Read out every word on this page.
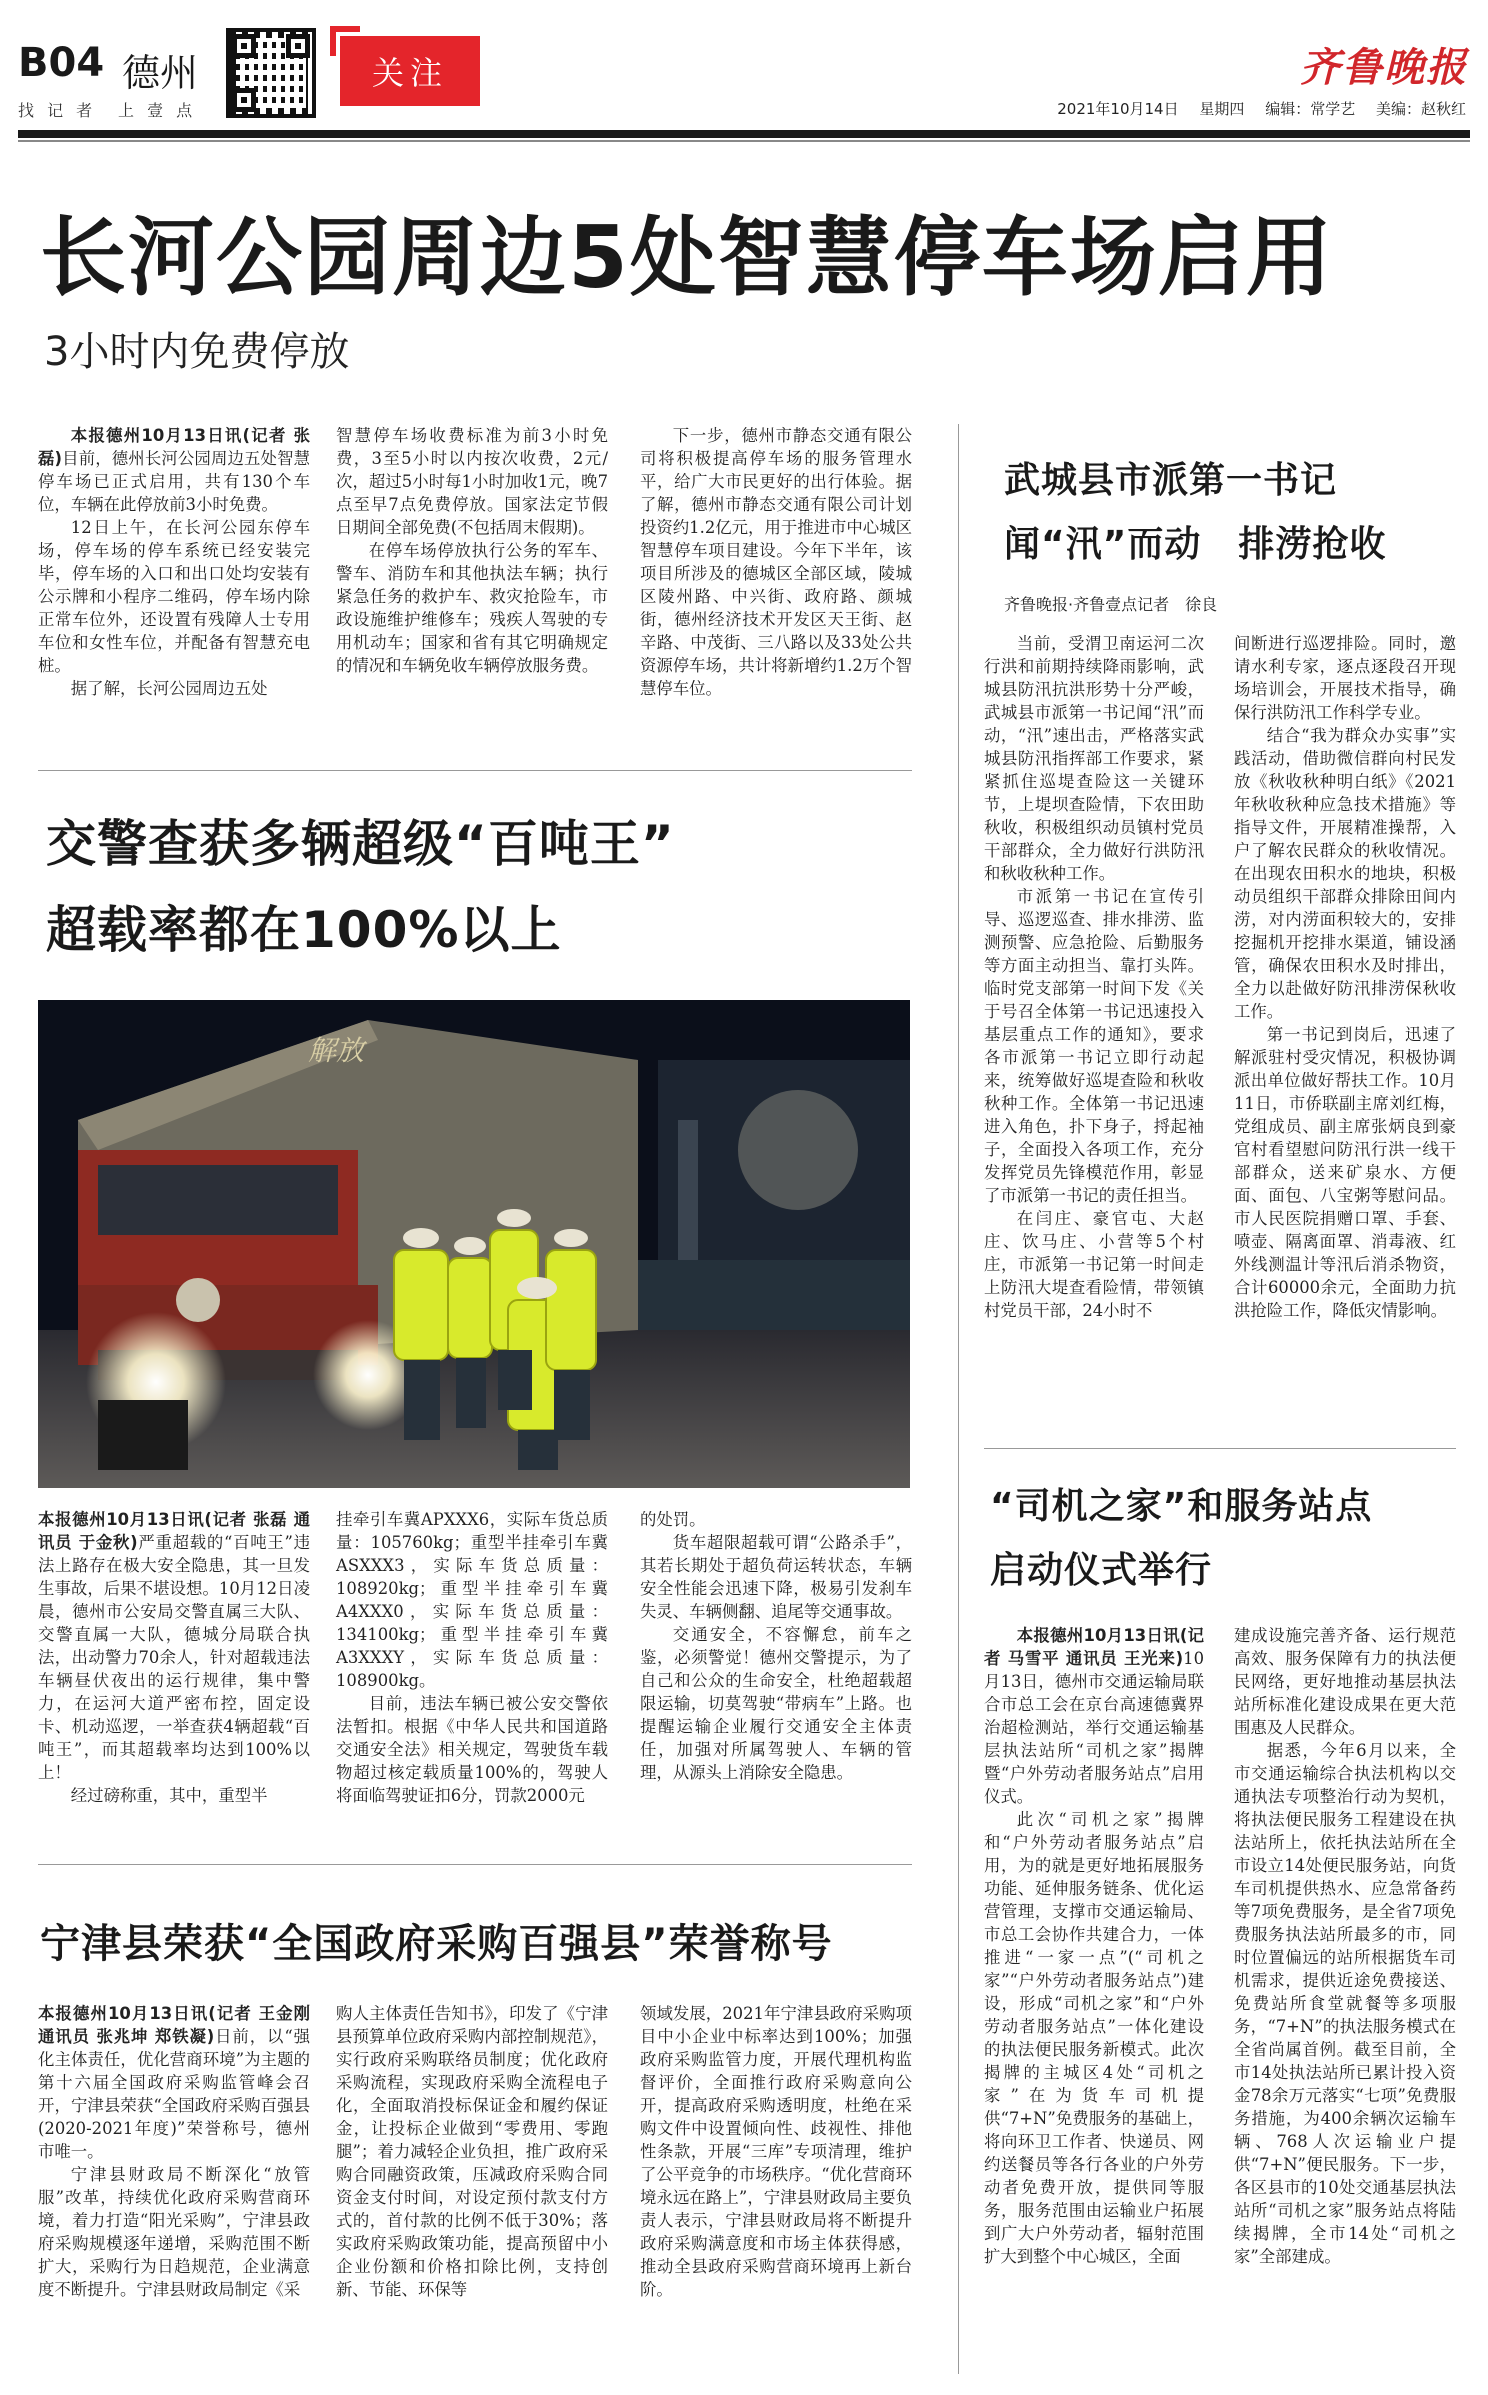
B04 德州
找 记 者 上 壹 点
关注	齐鲁晚报
2021年10月14日 星期四 编辑：常学艺 美编：赵秋红
长河公园周边5处智慧停车场启用
3小时内免费停放

本报德州10月13日讯(记者 张磊)目前，德州长河公园周边五处智慧停车场已正式启用，共有130个车位，车辆在此停放前3小时免费。

12日上午，在长河公园东停车场，停车场的停车系统已经安装完毕，停车场的入口和出口处均安装有公示牌和小程序二维码，停车场内除正常车位外，还设置有残障人士专用车位和女性车位，并配备有智慧充电桩。

据了解，长河公园周边五处

智慧停车场收费标准为前3小时免费，3至5小时以内按次收费，2元/次，超过5小时每1小时加收1元，晚7点至早7点免费停放。国家法定节假日期间全部免费(不包括周末假期)。

在停车场停放执行公务的军车、警车、消防车和其他执法车辆；执行紧急任务的救护车、救灾抢险车，市政设施维护维修车；残疾人驾驶的专用机动车；国家和省有其它明确规定的情况和车辆免收车辆停放服务费。

下一步，德州市静态交通有限公司将积极提高停车场的服务管理水平，给广大市民更好的出行体验。据了解，德州市静态交通有限公司计划投资约1.2亿元，用于推进市中心城区智慧停车项目建设。今年下半年，该项目所涉及的德城区全部区域，陵城区陵州路、中兴街、政府路、颜城街，德州经济技术开发区天王街、赵辛路、中茂街、三八路以及33处公共资源停车场，共计将新增约1.2万个智慧停车位。

交警查获多辆超级“百吨王”
超载率都在100%以上
解放

本报德州10月13日讯(记者 张磊 通讯员 于金秋)严重超载的“百吨王”违法上路存在极大安全隐患，其一旦发生事故，后果不堪设想。10月12日凌晨，德州市公安局交警直属三大队、交警直属一大队，德城分局联合执法，出动警力70余人，针对超载违法车辆昼伏夜出的运行规律，集中警力，在运河大道严密布控，固定设卡、机动巡逻，一举查获4辆超载“百吨王”，而其超载率均达到100%以上！

经过磅称重，其中，重型半

挂牵引车冀APXXX6，实际车货总质量：105760kg；重型半挂牵引车冀ASXXX3，实际车货总质量：108920kg；重型半挂牵引车冀A4XXX0，实际车货总质量：134100kg；重型半挂牵引车冀A3XXXY，实际车货总质量：108900kg。

目前，违法车辆已被公安交警依法暂扣。根据《中华人民共和国道路交通安全法》相关规定，驾驶货车载物超过核定载质量100%的，驾驶人将面临驾驶证扣6分，罚款2000元

的处罚。

货车超限超载可谓“公路杀手”，其若长期处于超负荷运转状态，车辆安全性能会迅速下降，极易引发刹车失灵、车辆侧翻、追尾等交通事故。

交通安全，不容懈怠，前车之鉴，必须警觉！德州交警提示，为了自己和公众的生命安全，杜绝超载超限运输，切莫驾驶“带病车”上路。也提醒运输企业履行交通安全主体责任，加强对所属驾驶人、车辆的管理，从源头上消除安全隐患。

宁津县荣获“全国政府采购百强县”荣誉称号

本报德州10月13日讯(记者 王金刚 通讯员 张兆坤 郑铁凝)日前，以“强化主体责任，优化营商环境”为主题的第十六届全国政府采购监管峰会召开，宁津县荣获“全国政府采购百强县(2020-2021年度)”荣誉称号，德州市唯一。

宁津县财政局不断深化“放管服”改革，持续优化政府采购营商环境，着力打造“阳光采购”，宁津县政府采购规模逐年递增，采购范围不断扩大，采购行为日趋规范，企业满意度不断提升。宁津县财政局制定《采

购人主体责任告知书》，印发了《宁津县预算单位政府采购内部控制规范》，实行政府采购联络员制度；优化政府采购流程，实现政府采购全流程电子化，全面取消投标保证金和履约保证金，让投标企业做到“零费用、零跑腿”；着力减轻企业负担，推广政府采购合同融资政策，压减政府采购合同资金支付时间，对设定预付款支付方式的，首付款的比例不低于30%；落实政府采购政策功能，提高预留中小企业份额和价格扣除比例，支持创新、节能、环保等

领域发展，2021年宁津县政府采购项目中小企业中标率达到100%；加强政府采购监管力度，开展代理机构监督评价，全面推行政府采购意向公开，提高政府采购透明度，杜绝在采购文件中设置倾向性、歧视性、排他性条款，开展“三库”专项清理，维护了公平竞争的市场秩序。“优化营商环境永远在路上”，宁津县财政局主要负责人表示，宁津县财政局将不断提升政府采购满意度和市场主体获得感，推动全县政府采购营商环境再上新台阶。

武城县市派第一书记
闻“汛”而动　排涝抢收
齐鲁晚报·齐鲁壹点记者　徐良

当前，受渭卫南运河二次行洪和前期持续降雨影响，武城县防汛抗洪形势十分严峻，武城县市派第一书记闻“汛”而动，“汛”速出击，严格落实武城县防汛指挥部工作要求，紧紧抓住巡堤查险这一关键环节，上堤坝查险情，下农田助秋收，积极组织动员镇村党员干部群众，全力做好行洪防汛和秋收秋种工作。

市派第一书记在宣传引导、巡逻巡查、排水排涝、监测预警、应急抢险、后勤服务等方面主动担当、靠打头阵。临时党支部第一时间下发《关于号召全体第一书记迅速投入基层重点工作的通知》，要求各市派第一书记立即行动起来，统筹做好巡堤查险和秋收秋种工作。全体第一书记迅速进入角色，扑下身子，捋起袖子，全面投入各项工作，充分发挥党员先锋模范作用，彰显了市派第一书记的责任担当。

在闫庄、豪官屯、大赵庄、饮马庄、小营等5个村庄，市派第一书记第一时间走上防汛大堤查看险情，带领镇村党员干部，24小时不

间断进行巡逻排险。同时，邀请水利专家，逐点逐段召开现场培训会，开展技术指导，确保行洪防汛工作科学专业。

结合“我为群众办实事”实践活动，借助微信群向村民发放《秋收秋种明白纸》《2021年秋收秋种应急技术措施》等指导文件，开展精准操帮，入户了解农民群众的秋收情况。在出现农田积水的地块，积极动员组织干部群众排除田间内涝，对内涝面积较大的，安排挖掘机开挖排水渠道，铺设涵管，确保农田积水及时排出，全力以赴做好防汛排涝保秋收工作。

第一书记到岗后，迅速了解派驻村受灾情况，积极协调派出单位做好帮扶工作。10月11日，市侨联副主席刘红梅，党组成员、副主席张炳良到豪官村看望慰问防汛行洪一线干部群众，送来矿泉水、方便面、面包、八宝粥等慰问品。市人民医院捐赠口罩、手套、喷壶、隔离面罩、消毒液、红外线测温计等汛后消杀物资，合计60000余元，全面助力抗洪抢险工作，降低灾情影响。

“司机之家”和服务站点
启动仪式举行

本报德州10月13日讯(记者 马雪平 通讯员 王光来)10月13日，德州市交通运输局联合市总工会在京台高速德冀界治超检测站，举行交通运输基层执法站所“司机之家”揭牌暨“户外劳动者服务站点”启用仪式。

此次“司机之家”揭牌和“户外劳动者服务站点”启用，为的就是更好地拓展服务功能、延伸服务链条、优化运营管理，支撑市交通运输局、市总工会协作共建合力，一体推进“一家一点”(“司机之家”“户外劳动者服务站点”)建设，形成“司机之家”和“户外劳动者服务站点”一体化建设的执法便民服务新模式。此次揭牌的主城区4处“司机之家”在为货车司机提供“7+N”免费服务的基础上，将向环卫工作者、快递员、网约送餐员等各行各业的户外劳动者免费开放，提供同等服务，服务范围由运输业户拓展到广大户外劳动者，辐射范围扩大到整个中心城区，全面

建成设施完善齐备、运行规范高效、服务保障有力的执法便民网络，更好地推动基层执法站所标准化建设成果在更大范围惠及人民群众。

据悉，今年6月以来，全市交通运输综合执法机构以交通执法专项整治行动为契机，将执法便民服务工程建设在执法站所上，依托执法站所在全市设立14处便民服务站，向货车司机提供热水、应急常备药等7项免费服务，是全省7项免费服务执法站所最多的市，同时位置偏远的站所根据货车司机需求，提供近途免费接送、免费站所食堂就餐等多项服务，“7+N”的执法服务模式在全省尚属首例。截至目前，全市14处执法站所已累计投入资金78余万元落实“七项”免费服务措施，为400余辆次运输车辆、768人次运输业户提供“7+N”便民服务。下一步，各区县市的10处交通基层执法站所“司机之家”服务站点将陆续揭牌，全市14处“司机之家”全部建成。
